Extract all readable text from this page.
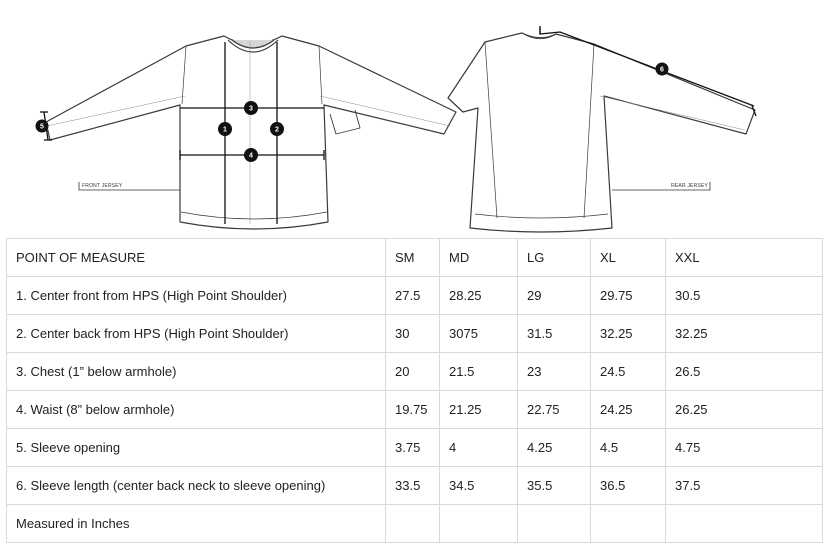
FRONT JERSEY
1	2
3
4
5
6
REAR JERSEY
POINT OF MEASURE	SM	MD	LG	XL	XXL
1. Center front from HPS (High Point Shoulder)	27.5	28.25	29	29.75	30.5
2. Center back from HPS (High Point Shoulder)	30	3075	31.5	32.25	32.25
3. Chest (1” below armhole)	20	21.5	23	24.5	26.5
4. Waist (8” below armhole)	19.75	21.25	22.75	24.25	26.25
5. Sleeve opening	3.75	4	4.25	4.5	4.75
6. Sleeve length (center back neck to sleeve opening)	33.5	34.5	35.5	36.5	37.5
Measured in Inches					
